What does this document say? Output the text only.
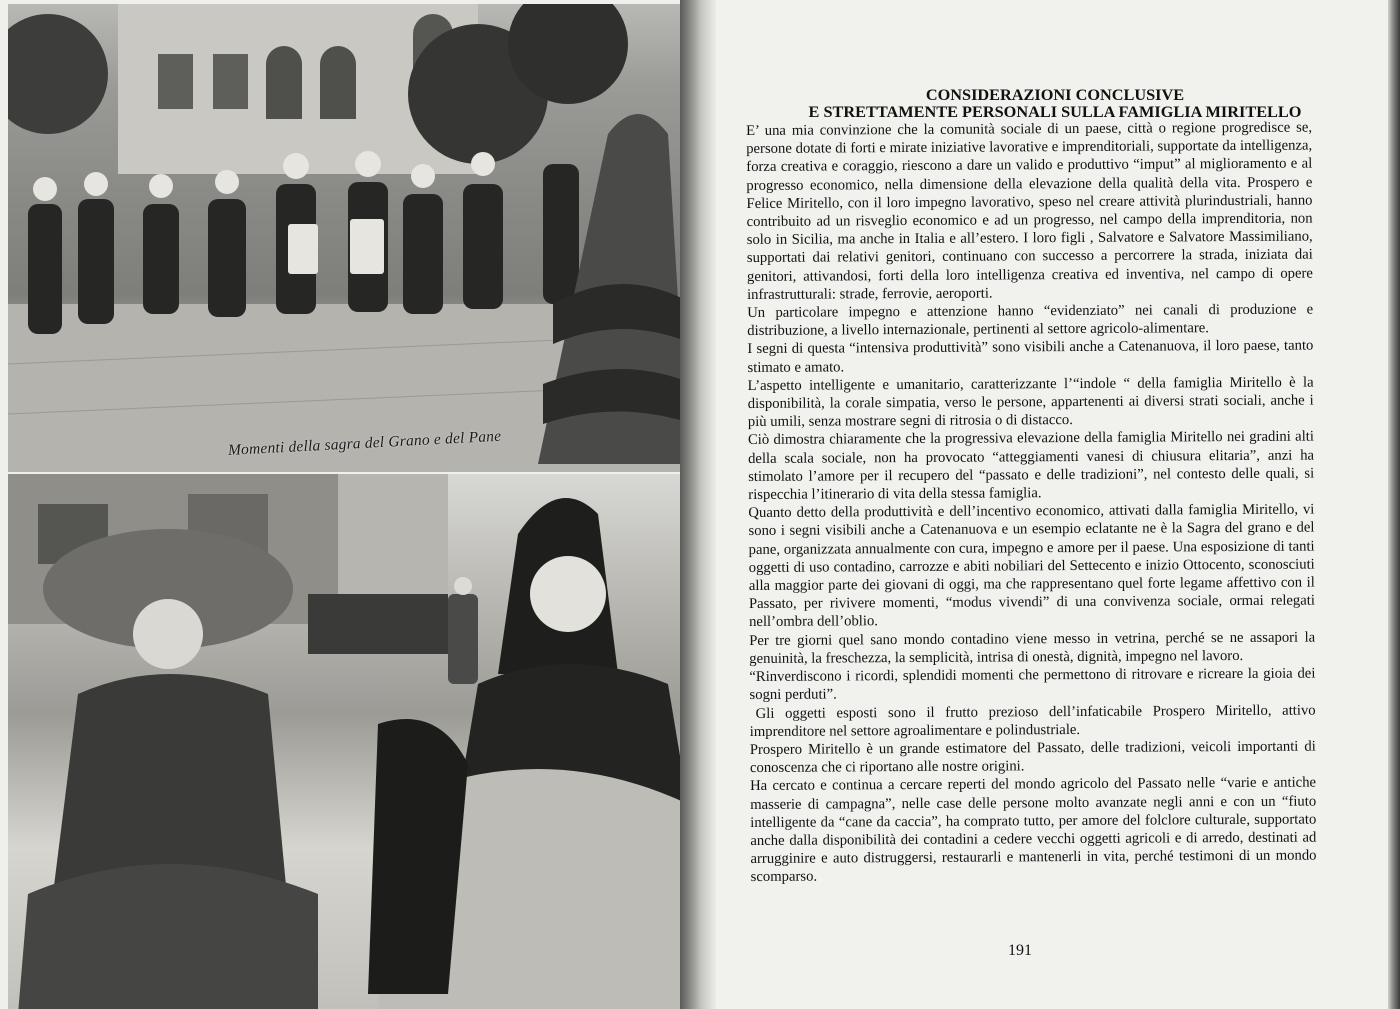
Momenti della sagra del Grano e del Pane
CONSIDERAZIONI CONCLUSIVE
E STRETTAMENTE PERSONALI SULLA FAMIGLIA MIRITELLO

E’ una mia convinzione che la comunità sociale di un paese, città o regione progredisce se, persone dotate di forti e mirate iniziative lavorative e imprenditoriali, supportate da intelligenza, forza creativa e coraggio, riescono a dare un valido e produttivo “imput” al miglioramento e al progresso economico, nella dimensione della elevazione della qualità della vita. Prospero e Felice Miritello, con il loro impegno lavorativo, speso nel creare attività plurindustriali, hanno contribuito ad un risveglio economico e ad un progresso, nel campo della imprenditoria, non solo in Sicilia, ma anche in Italia e all’estero. I loro figli , Salvatore e Salvatore Massimiliano, supportati dai relativi genitori, continuano con successo a percorrere la strada, iniziata dai genitori, attivandosi, forti della loro intelligenza creativa ed inventiva, nel campo di opere infrastrutturali: strade, ferrovie, aeroporti.

Un particolare impegno e attenzione hanno “evidenziato” nei canali di produzione e distribuzione, a livello internazionale, pertinenti al settore agricolo-alimentare.

I segni di questa “intensiva produttività” sono visibili anche a Catenanuova, il loro paese, tanto stimato e amato.

L’aspetto intelligente e umanitario, caratterizzante l’“indole “ della famiglia Miritello è la disponibilità, la corale simpatia, verso le persone, appartenenti ai diversi strati sociali, anche i più umili, senza mostrare segni di ritrosia o di distacco.

Ciò dimostra chiaramente che la progressiva elevazione della famiglia Miritello nei gradini alti della scala sociale, non ha provocato “atteggiamenti vanesi di chiusura elitaria”, anzi ha stimolato l’amore per il recupero del “passato e delle tradizioni”, nel contesto delle quali, si rispecchia l’itinerario di vita della stessa famiglia.

Quanto detto della produttività e dell’incentivo economico, attivati dalla famiglia Miritello, vi sono i segni visibili anche a Catenanuova e un esempio eclatante ne è la Sagra del grano e del pane, organizzata annualmente con cura, impegno e amore per il paese. Una esposizione di tanti oggetti di uso contadino, carrozze e abiti nobiliari del Settecento e inizio Ottocento, sconosciuti alla maggior parte dei giovani di oggi, ma che rappresentano quel forte legame affettivo con il Passato, per rivivere momenti, “modus vivendi” di una convivenza sociale, ormai relegati nell’ombra dell’oblio.

Per tre giorni quel sano mondo contadino viene messo in vetrina, perché se ne assapori la genuinità, la freschezza, la semplicità, intrisa di onestà, dignità, impegno nel lavoro.

“Rinverdiscono i ricordi, splendidi momenti che permettono di ritrovare e ricreare la gioia dei sogni perduti”.

Gli oggetti esposti sono il frutto prezioso dell’infaticabile Prospero Miritello, attivo imprenditore nel settore agroalimentare e polindustriale.

Prospero Miritello è un grande estimatore del Passato, delle tradizioni, veicoli importanti di conoscenza che ci riportano alle nostre origini.

Ha cercato e continua a cercare reperti del mondo agricolo del Passato nelle “varie e antiche masserie di campagna”, nelle case delle persone molto avanzate negli anni e con un “fiuto intelligente da “cane da caccia”, ha comprato tutto, per amore del folclore culturale, supportato anche dalla disponibilità dei contadini a cedere vecchi oggetti agricoli e di arredo, destinati ad arrugginire e auto distruggersi, restaurarli e mantenerli in vita, perché testimoni di un mondo scomparso.

191
